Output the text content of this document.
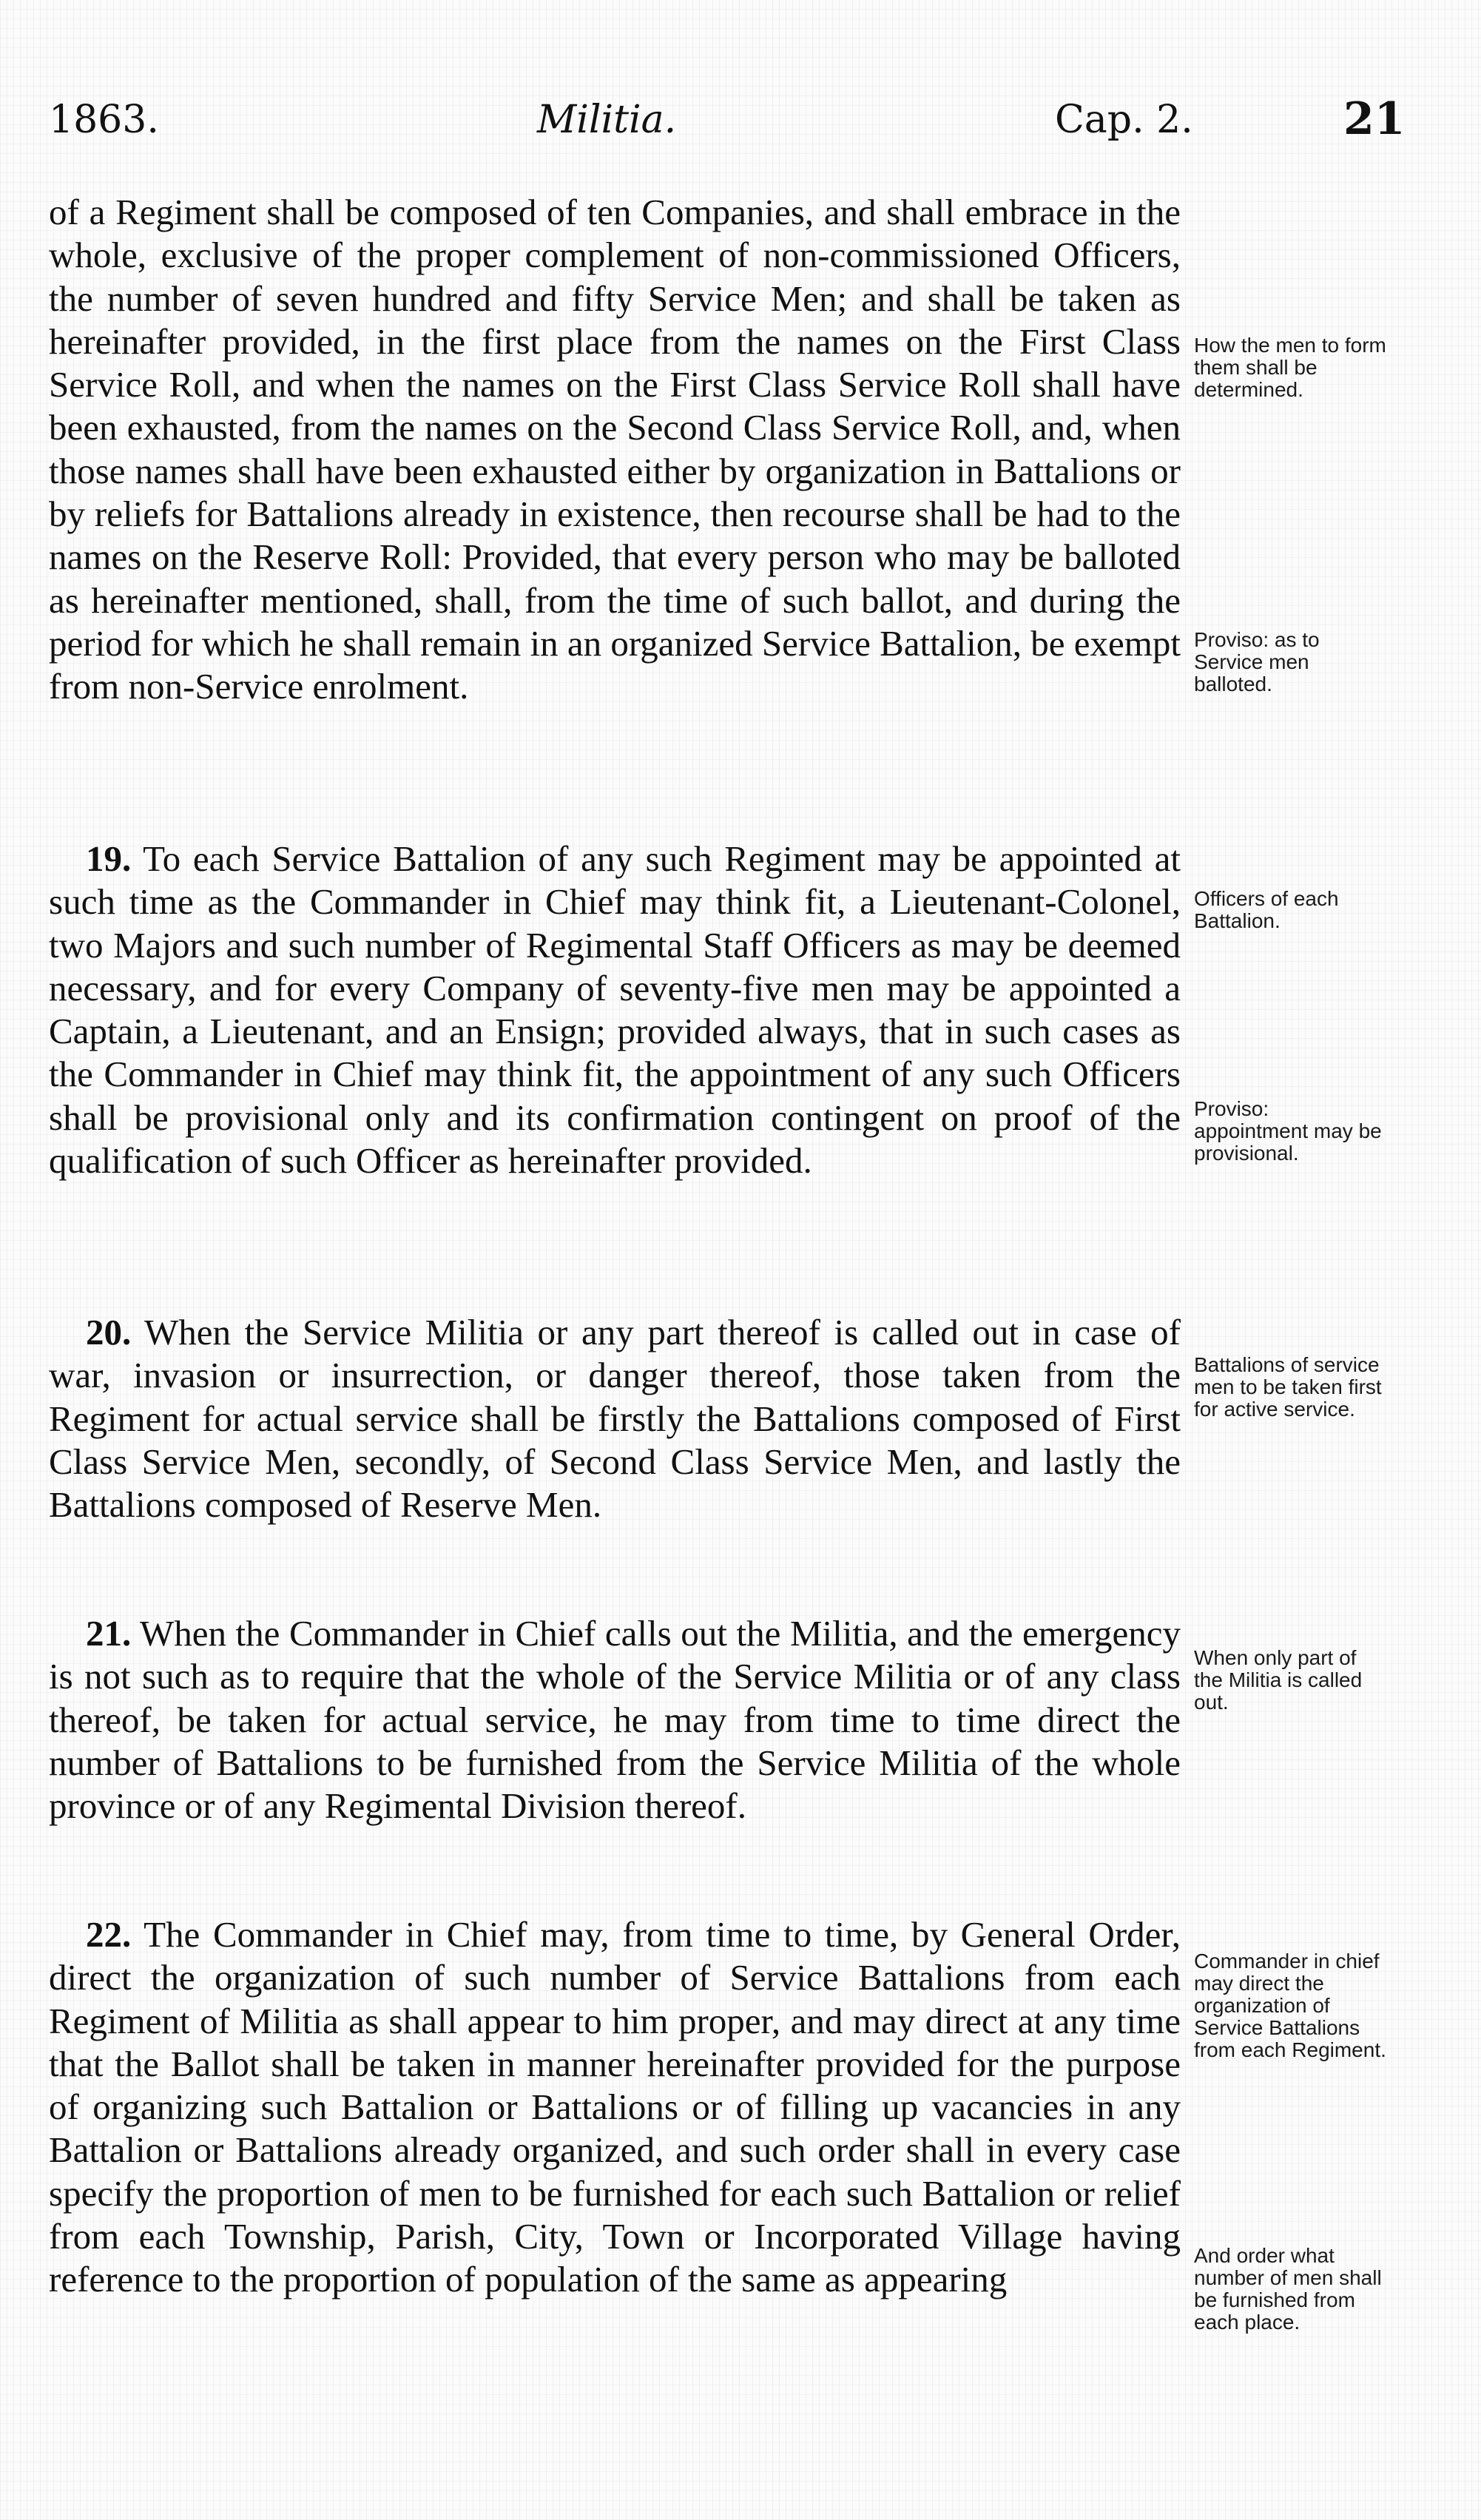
1863.	Militia.	Cap. 2.	21

of a Regiment shall be composed of ten Companies, and shall embrace in the whole, exclusive of the proper complement of non-commissioned Officers, the number of seven hundred and fifty Service Men; and shall be taken as hereinafter provided, in the first place from the names on the First Class Service Roll, and when the names on the First Class Service Roll shall have been exhausted, from the names on the Second Class Service Roll, and, when those names shall have been exhausted either by organization in Battalions or by reliefs for Battalions already in existence, then recourse shall be had to the names on the Reserve Roll: Provided, that every person who may be balloted as hereinafter mentioned, shall, from the time of such ballot, and during the period for which he shall remain in an organized Service Battalion, be exempt from non-Service enrolment.

19. To each Service Battalion of any such Regiment may be appointed at such time as the Commander in Chief may think fit, a Lieutenant-Colonel, two Majors and such number of Regimental Staff Officers as may be deemed necessary, and for every Company of seventy-five men may be appointed a Captain, a Lieutenant, and an Ensign; provided always, that in such cases as the Commander in Chief may think fit, the appointment of any such Officers shall be provisional only and its confirmation contingent on proof of the qualification of such Officer as hereinafter provided.

20. When the Service Militia or any part thereof is called out in case of war, invasion or insurrection, or danger thereof, those taken from the Regiment for actual service shall be firstly the Battalions composed of First Class Service Men, secondly, of Second Class Service Men, and lastly the Battalions composed of Reserve Men.

21. When the Commander in Chief calls out the Militia, and the emergency is not such as to require that the whole of the Service Militia or of any class thereof, be taken for actual service, he may from time to time direct the number of Battalions to be furnished from the Service Militia of the whole province or of any Regimental Division thereof.

22. The Commander in Chief may, from time to time, by General Order, direct the organization of such number of Service Battalions from each Regiment of Militia as shall appear to him proper, and may direct at any time that the Ballot shall be taken in manner hereinafter provided for the purpose of organizing such Battalion or Battalions or of filling up vacancies in any Battalion or Battalions already organized, and such order shall in every case specify the proportion of men to be furnished for each such Battalion or relief from each Township, Parish, City, Town or Incorporated Village having reference to the proportion of population of the same as appearing

How the men to form them shall be determined.
Proviso: as to Service men balloted.
Officers of each Battalion.
Proviso: appointment may be provisional.
Battalions of service men to be taken first for active service.
When only part of the Militia is called out.
Commander in chief may direct the organization of Service Battalions from each Regiment.
And order what number of men shall be furnished from each place.
